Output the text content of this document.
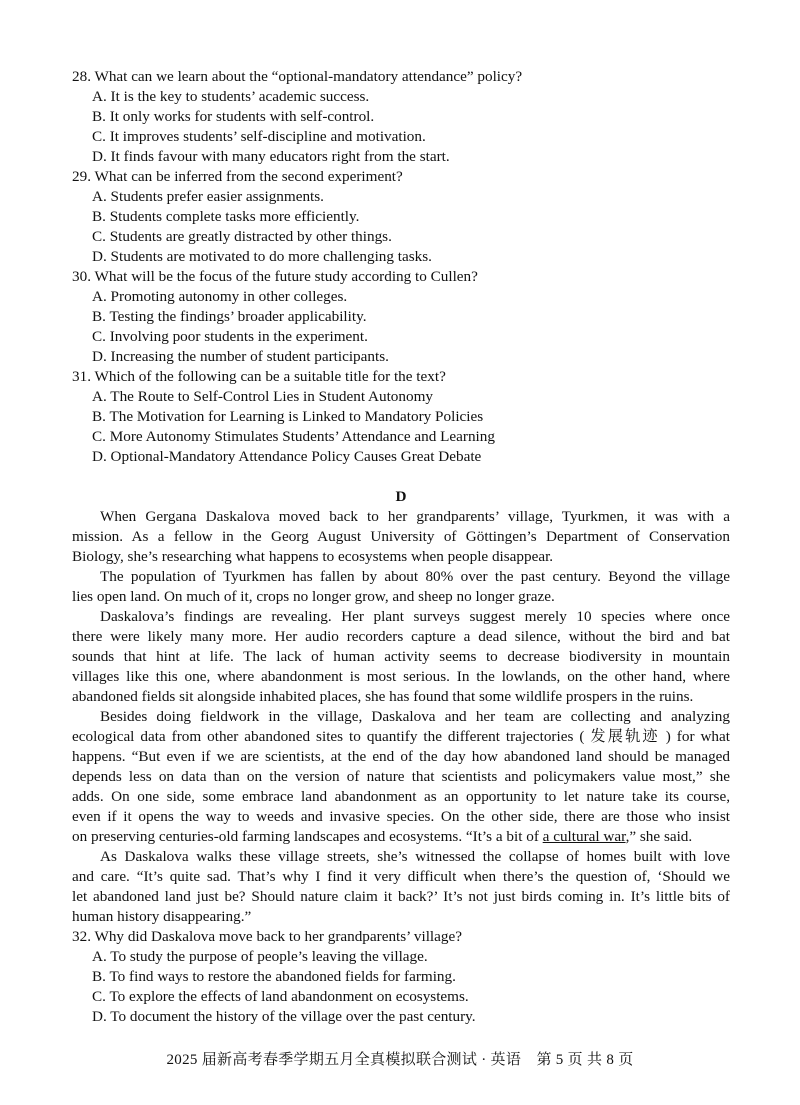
28. What can we learn about the “optional-mandatory attendance” policy?
A. It is the key to students’ academic success.
B. It only works for students with self-control.
C. It improves students’ self-discipline and motivation.
D. It finds favour with many educators right from the start.
29. What can be inferred from the second experiment?
A. Students prefer easier assignments.
B. Students complete tasks more efficiently.
C. Students are greatly distracted by other things.
D. Students are motivated to do more challenging tasks.
30. What will be the focus of the future study according to Cullen?
A. Promoting autonomy in other colleges.
B. Testing the findings’ broader applicability.
C. Involving poor students in the experiment.
D. Increasing the number of student participants.
31. Which of the following can be a suitable title for the text?
A. The Route to Self-Control Lies in Student Autonomy
B. The Motivation for Learning is Linked to Mandatory Policies
C. More Autonomy Stimulates Students’ Attendance and Learning
D. Optional-Mandatory Attendance Policy Causes Great Debate
D
When Gergana Daskalova moved back to her grandparents’ village, Tyurkmen, it was with a
mission. As a fellow in the Georg August University of Göttingen’s Department of Conservation
Biology, she’s researching what happens to ecosystems when people disappear.
The population of Tyurkmen has fallen by about 80% over the past century. Beyond the village
lies open land. On much of it, crops no longer grow, and sheep no longer graze.
Daskalova’s findings are revealing. Her plant surveys suggest merely 10 species where once
there were likely many more. Her audio recorders capture a dead silence, without the bird and bat
sounds that hint at life. The lack of human activity seems to decrease biodiversity in mountain
villages like this one, where abandonment is most serious. In the lowlands, on the other hand, where
abandoned fields sit alongside inhabited places, she has found that some wildlife prospers in the ruins.
Besides doing fieldwork in the village, Daskalova and her team are collecting and analyzing
ecological data from other abandoned sites to quantify the different trajectories ( 发展轨迹 ) for what
happens. “But even if we are scientists, at the end of the day how abandoned land should be managed
depends less on data than on the version of nature that scientists and policymakers value most,” she
adds. On one side, some embrace land abandonment as an opportunity to let nature take its course,
even if it opens the way to weeds and invasive species. On the other side, there are those who insist
on preserving centuries-old farming landscapes and ecosystems. “It’s a bit of a cultural war,” she said.
As Daskalova walks these village streets, she’s witnessed the collapse of homes built with love
and care. “It’s quite sad. That’s why I find it very difficult when there’s the question of, ‘Should we
let abandoned land just be? Should nature claim it back?’ It’s not just birds coming in. It’s little bits of
human history disappearing.”
32. Why did Daskalova move back to her grandparents’ village?
A. To study the purpose of people’s leaving the village.
B. To find ways to restore the abandoned fields for farming.
C. To explore the effects of land abandonment on ecosystems.
D. To document the history of the village over the past century.
2025 届新高考春季学期五月全真模拟联合测试 · 英语　第 5 页 共 8 页
